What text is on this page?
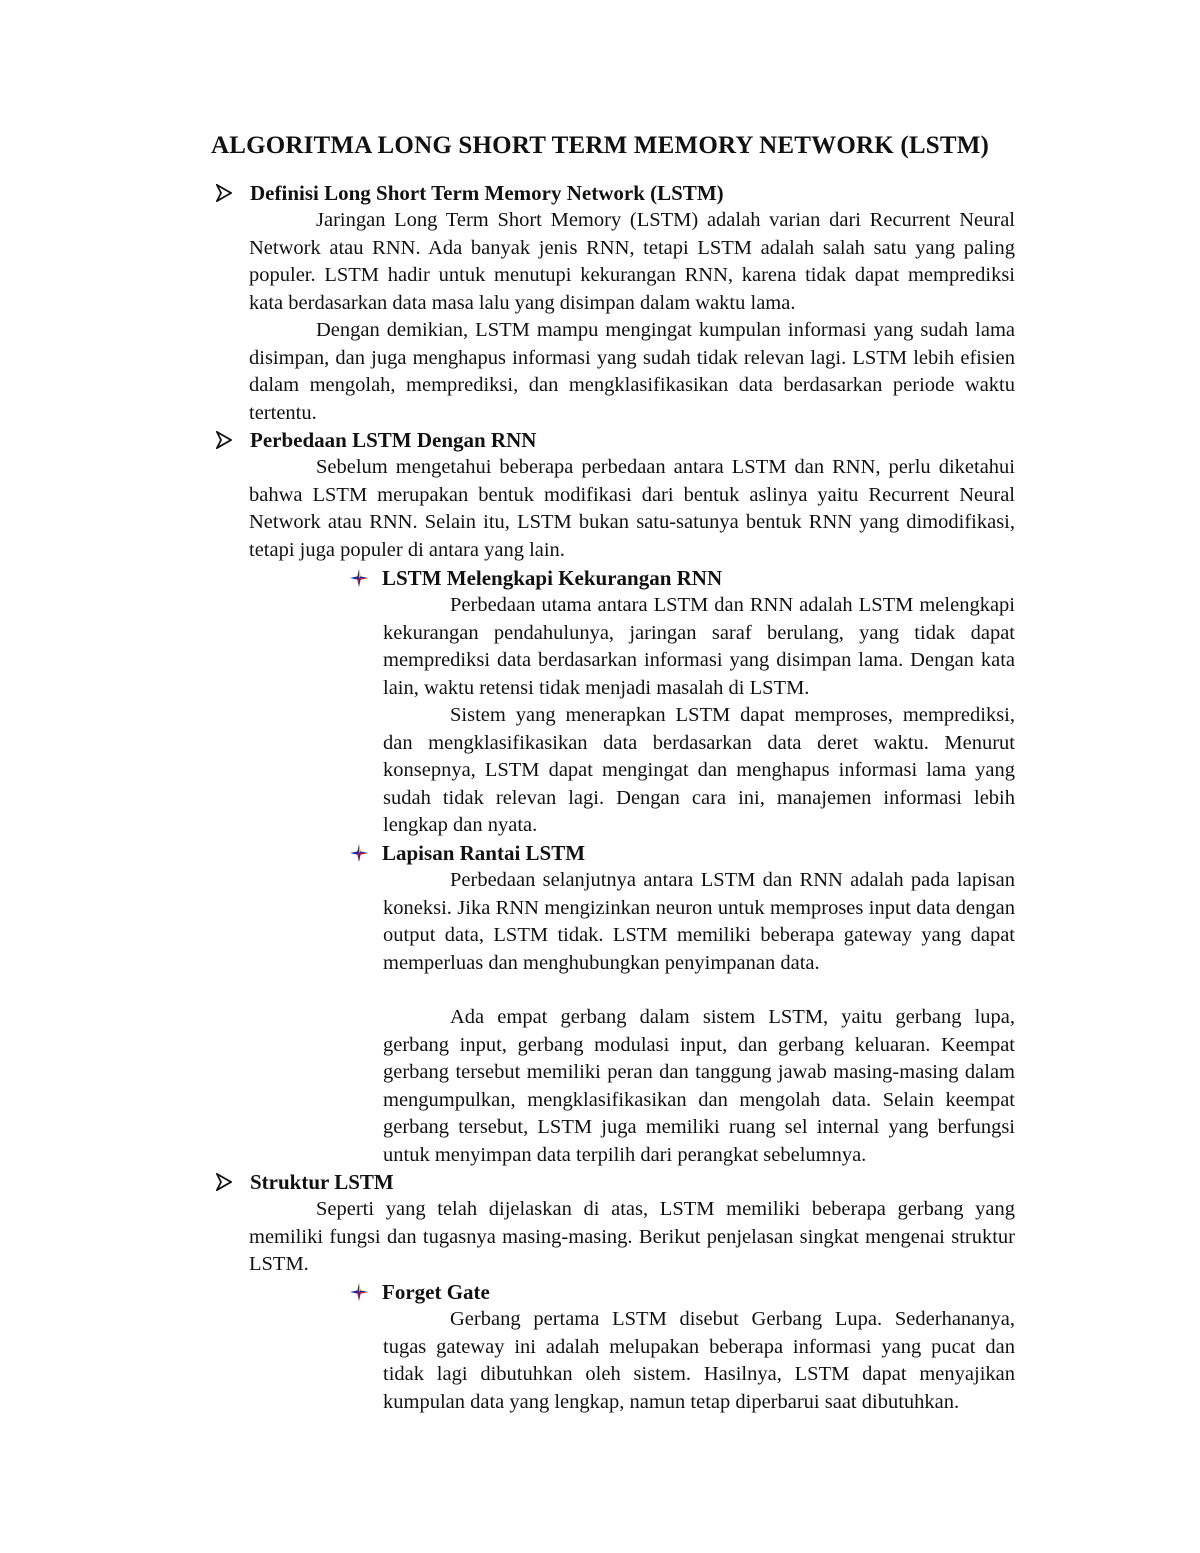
ALGORITMA LONG SHORT TERM MEMORY NETWORK (LSTM)
Definisi Long Short Term Memory Network (LSTM)

Jaringan Long Term Short Memory (LSTM) adalah varian dari Recurrent Neural Network atau RNN. Ada banyak jenis RNN, tetapi LSTM adalah salah satu yang paling populer. LSTM hadir untuk menutupi kekurangan RNN, karena tidak dapat memprediksi kata berdasarkan data masa lalu yang disimpan dalam waktu lama.

Dengan demikian, LSTM mampu mengingat kumpulan informasi yang sudah lama disimpan, dan juga menghapus informasi yang sudah tidak relevan lagi. LSTM lebih efisien dalam mengolah, memprediksi, dan mengklasifikasikan data berdasarkan periode waktu tertentu.

Perbedaan LSTM Dengan RNN

Sebelum mengetahui beberapa perbedaan antara LSTM dan RNN, perlu diketahui bahwa LSTM merupakan bentuk modifikasi dari bentuk aslinya yaitu Recurrent Neural Network atau RNN. Selain itu, LSTM bukan satu-satunya bentuk RNN yang dimodifikasi, tetapi juga populer di antara yang lain.

LSTM Melengkapi Kekurangan RNN

Perbedaan utama antara LSTM dan RNN adalah LSTM melengkapi kekurangan pendahulunya, jaringan saraf berulang, yang tidak dapat memprediksi data berdasarkan informasi yang disimpan lama. Dengan kata lain, waktu retensi tidak menjadi masalah di LSTM.

Sistem yang menerapkan LSTM dapat memproses, memprediksi, dan mengklasifikasikan data berdasarkan data deret waktu. Menurut konsepnya, LSTM dapat mengingat dan menghapus informasi lama yang sudah tidak relevan lagi. Dengan cara ini, manajemen informasi lebih lengkap dan nyata.

Lapisan Rantai LSTM

Perbedaan selanjutnya antara LSTM dan RNN adalah pada lapisan koneksi. Jika RNN mengizinkan neuron untuk memproses input data dengan output data, LSTM tidak. LSTM memiliki beberapa gateway yang dapat memperluas dan menghubungkan penyimpanan data.

Ada empat gerbang dalam sistem LSTM, yaitu gerbang lupa, gerbang input, gerbang modulasi input, dan gerbang keluaran. Keempat gerbang tersebut memiliki peran dan tanggung jawab masing-masing dalam mengumpulkan, mengklasifikasikan dan mengolah data. Selain keempat gerbang tersebut, LSTM juga memiliki ruang sel internal yang berfungsi untuk menyimpan data terpilih dari perangkat sebelumnya.

Struktur LSTM

Seperti yang telah dijelaskan di atas, LSTM memiliki beberapa gerbang yang memiliki fungsi dan tugasnya masing-masing. Berikut penjelasan singkat mengenai struktur LSTM.

Forget Gate

Gerbang pertama LSTM disebut Gerbang Lupa. Sederhananya, tugas gateway ini adalah melupakan beberapa informasi yang pucat dan tidak lagi dibutuhkan oleh sistem. Hasilnya, LSTM dapat menyajikan kumpulan data yang lengkap, namun tetap diperbarui saat dibutuhkan.
